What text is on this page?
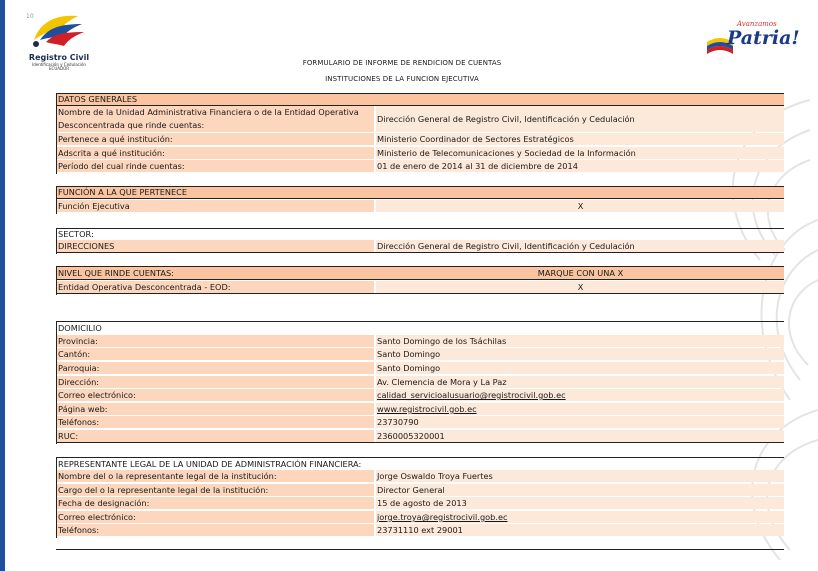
Registro Civil
Identificación y Cedulación ECUADOR
10
Avanzamos
Patria!
FORMULARIO DE INFORME DE RENDICION DE CUENTAS
INSTITUCIONES DE LA FUNCION EJECUTIVA
DATOS GENERALES
Nombre de la Unidad Administrativa Financiera o de la Entidad Operativa Desconcentrada que rinde cuentas:
Dirección General de Registro Civil, Identificación y Cedulación
Pertenece a qué institución:	Ministerio Coordinador de Sectores Estratégicos
Adscrita a qué institución:	Ministerio de Telecomunicaciones y Sociedad de la Información
Período del cual rinde cuentas:	01 de enero de 2014 al 31 de diciembre de 2014
FUNCIÓN A LA QUE PERTENECE
Función Ejecutiva	X
SECTOR:
DIRECCIONES	Dirección General de Registro Civil, Identificación y Cedulación
NIVEL QUE RINDE CUENTAS:	MARQUE CON UNA X
Entidad Operativa Desconcentrada - EOD:	X
DOMICILIO
Provincia:	Santo Domingo de los Tsáchilas
Cantón:	Santo Domingo
Parroquia:	Santo Domingo
Dirección:	Av. Clemencia de Mora y La Paz
Correo electrónico:	calidad_servicioalusuario@registrocivil.gob.ec
Página web:	www.registrocivil.gob.ec
Teléfonos:	23730790
RUC:	2360005320001
REPRESENTANTE LEGAL DE LA UNIDAD DE ADMINISTRACIÓN FINANCIERA:
Nombre del o la representante legal de la institución:	Jorge Oswaldo Troya Fuertes
Cargo del o la representante legal de la institución:	Director General
Fecha de designación:	15 de agosto de 2013
Correo electrónico:	jorge.troya@registrocivil.gob.ec
Teléfonos:	23731110 ext 29001
